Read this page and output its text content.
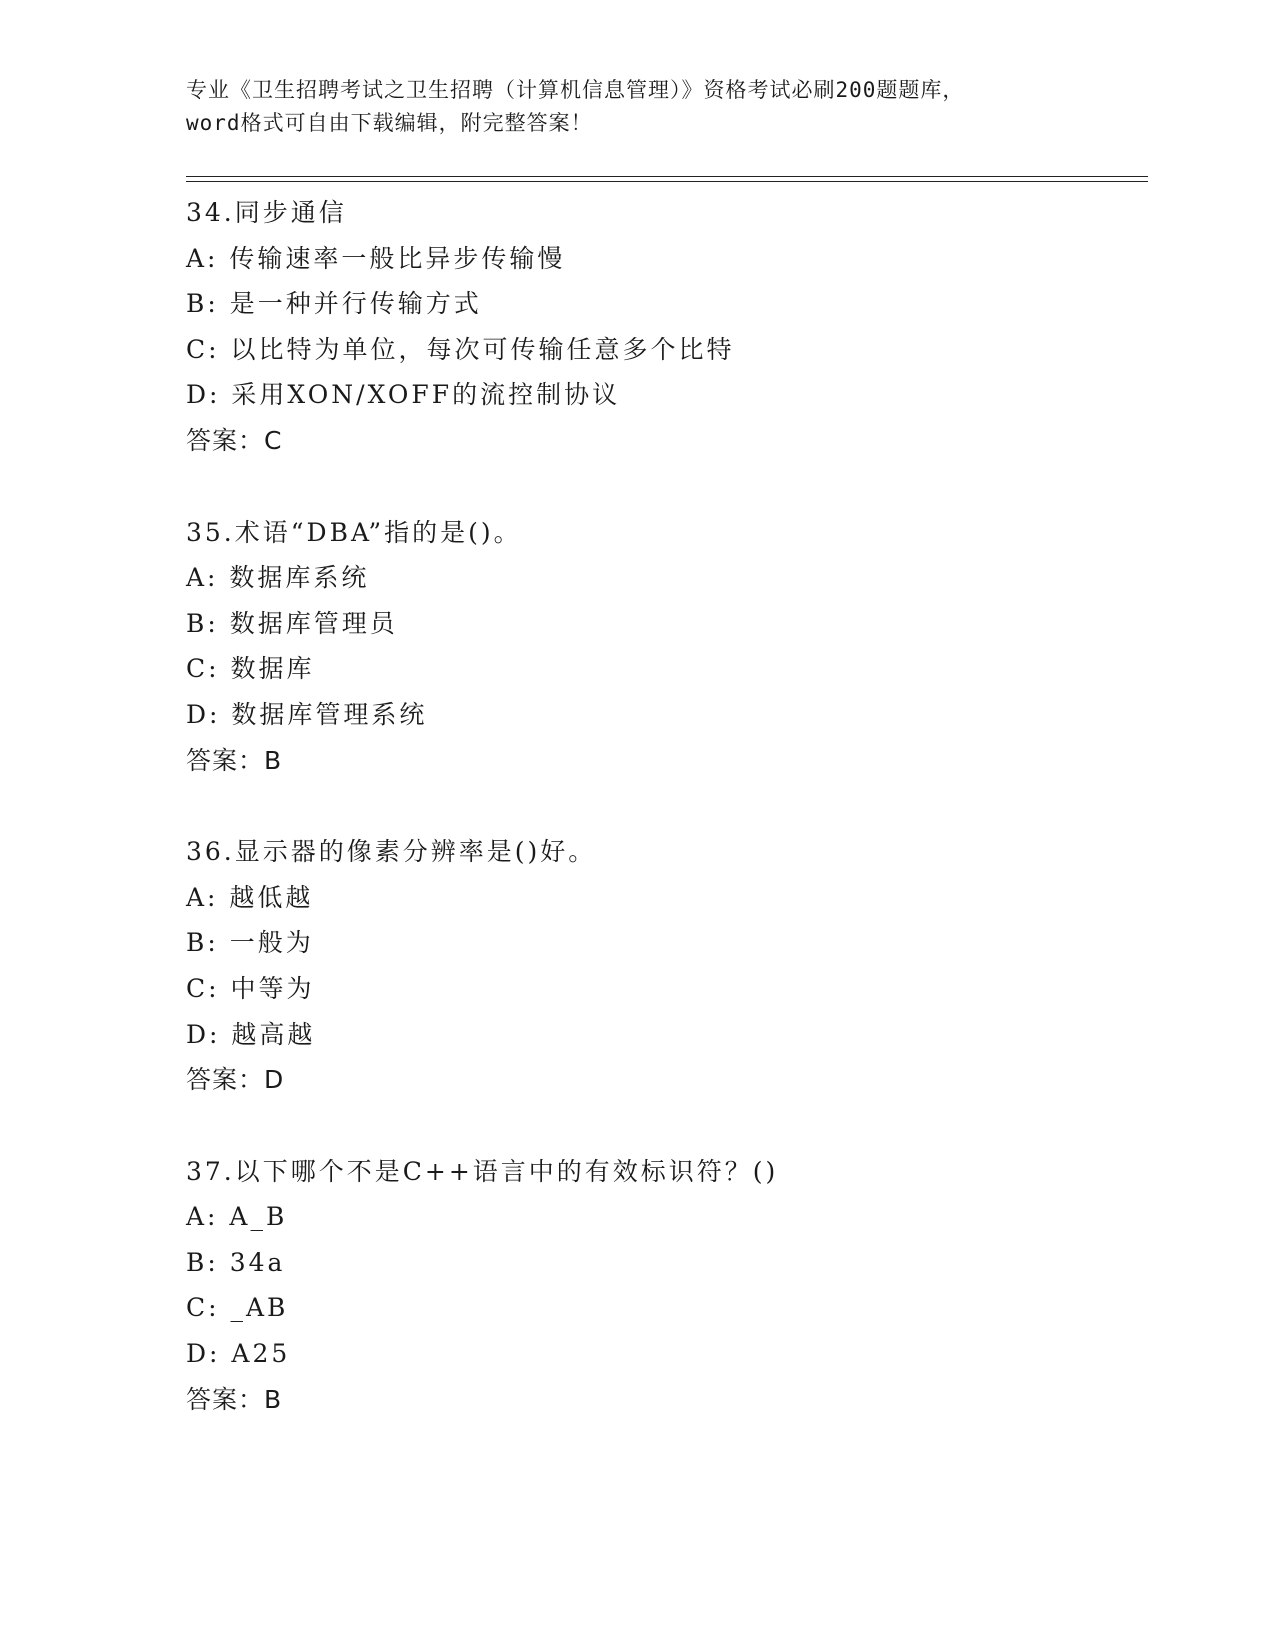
专业《卫生招聘考试之卫生招聘（计算机信息管理）》资格考试必刷200题题库，
word格式可自由下载编辑，附完整答案！
34.同步通信
A: 传输速率一般比异步传输慢
B: 是一种并行传输方式
C: 以比特为单位，每次可传输任意多个比特
D: 采用XON/XOFF的流控制协议
答案：C
35.术语“DBA”指的是()。
A: 数据库系统
B: 数据库管理员
C: 数据库
D: 数据库管理系统
答案：B
36.显示器的像素分辨率是()好。
A: 越低越
B: 一般为
C: 中等为
D: 越高越
答案：D
37.以下哪个不是C++语言中的有效标识符？()
A: A_B
B: 34a
C: _AB
D: A25
答案：B
